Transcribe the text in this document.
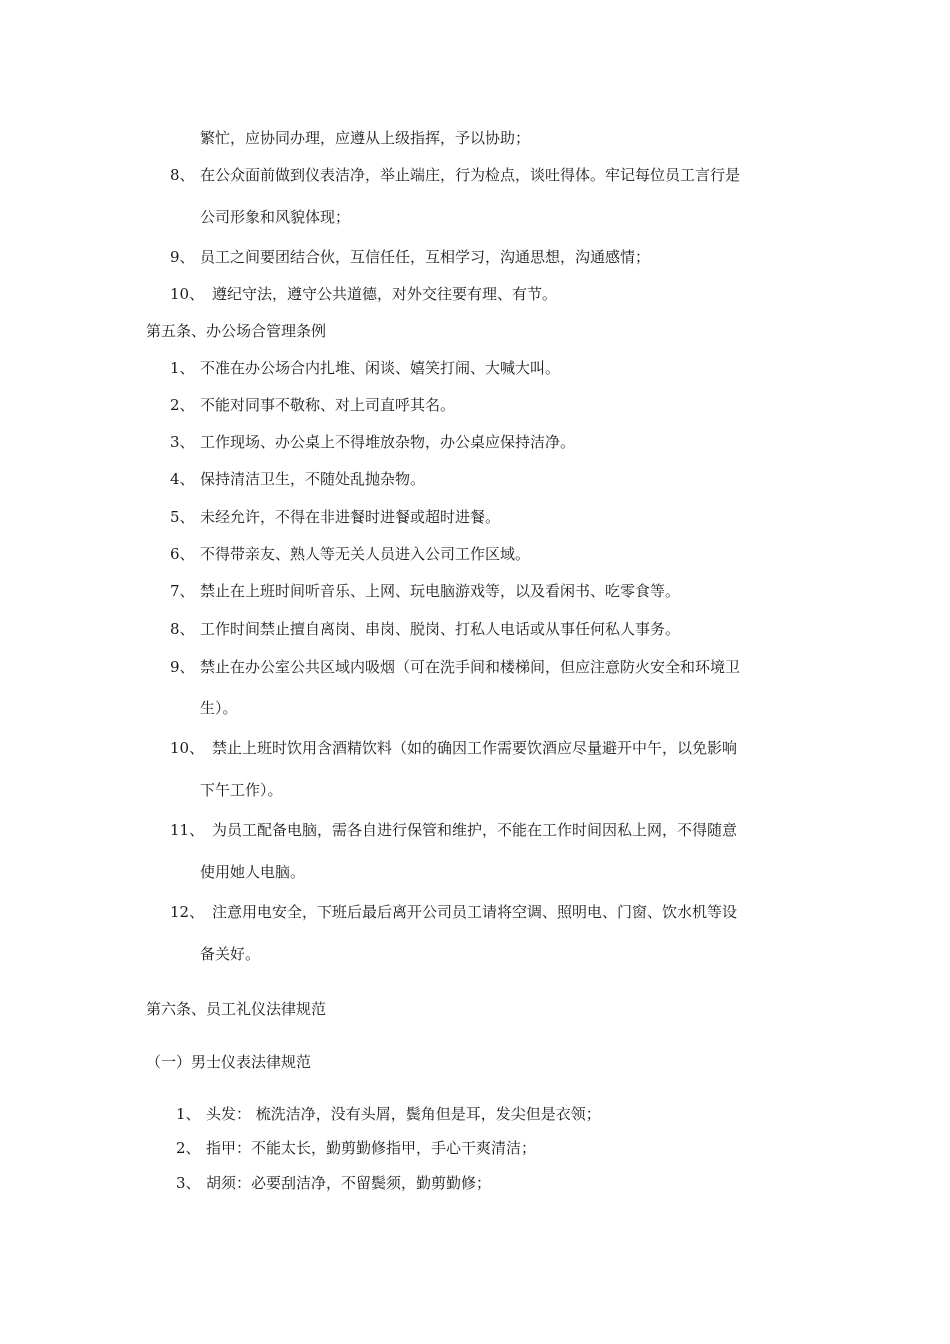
繁忙，应协同办理，应遵从上级指挥，予以协助；
8、 在公众面前做到仪表洁净，举止端庄，行为检点，谈吐得体。牢记每位员工言行是
公司形象和风貌体现；
9、 员工之间要团结合伙，互信任任，互相学习，沟通思想，沟通感情；
10、 遵纪守法，遵守公共道德，对外交往要有理、有节。
第五条、办公场合管理条例
1、 不准在办公场合内扎堆、闲谈、嬉笑打闹、大喊大叫。
2、 不能对同事不敬称、对上司直呼其名。
3、 工作现场、办公桌上不得堆放杂物，办公桌应保持洁净。
4、 保持清洁卫生，不随处乱抛杂物。
5、 未经允许，不得在非进餐时进餐或超时进餐。
6、 不得带亲友、熟人等无关人员进入公司工作区域。
7、 禁止在上班时间听音乐、上网、玩电脑游戏等，以及看闲书、吃零食等。
8、 工作时间禁止擅自离岗、串岗、脱岗、打私人电话或从事任何私人事务。
9、 禁止在办公室公共区域内吸烟（可在洗手间和楼梯间，但应注意防火安全和环境卫
生）。
10、 禁止上班时饮用含酒精饮料（如的确因工作需要饮酒应尽量避开中午，以免影响
下午工作）。
11、 为员工配备电脑，需各自进行保管和维护，不能在工作时间因私上网，不得随意
使用她人电脑。
12、 注意用电安全，下班后最后离开公司员工请将空调、照明电、门窗、饮水机等设
备关好。
第六条、员工礼仪法律规范
（一）男士仪表法律规范
1、 头发： 梳洗洁净，没有头屑，鬓角但是耳，发尖但是衣领；
2、 指甲：不能太长，勤剪勤修指甲，手心干爽清洁；
3、 胡须：必要刮洁净，不留鬓须，勤剪勤修；
